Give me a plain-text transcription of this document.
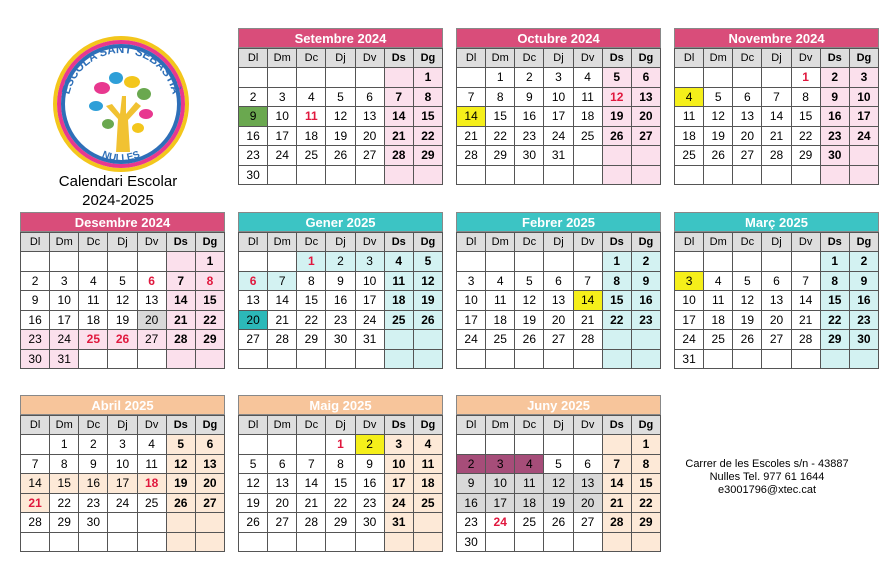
ESCOLA SANT SEBASTIÀ
NULLES
Calendari Escolar
2024-2025
Setembre 2024
Dl	Dm	Dc	Dj	Dv	Ds	Dg
						1
2	3	4	5	6	7	8
9	10	11	12	13	14	15
16	17	18	19	20	21	22
23	24	25	26	27	28	29
30						
Octubre 2024
Dl	Dm	Dc	Dj	Dv	Ds	Dg
	1	2	3	4	5	6
7	8	9	10	11	12	13
14	15	16	17	18	19	20
21	22	23	24	25	26	27
28	29	30	31			

Novembre 2024
Dl	Dm	Dc	Dj	Dv	Ds	Dg
				1	2	3
4	5	6	7	8	9	10
11	12	13	14	15	16	17
18	19	20	21	22	23	24
25	26	27	28	29	30	

Desembre 2024
Dl	Dm	Dc	Dj	Dv	Ds	Dg
						1
2	3	4	5	6	7	8
9	10	11	12	13	14	15
16	17	18	19	20	21	22
23	24	25	26	27	28	29
30	31					
Gener 2025
Dl	Dm	Dc	Dj	Dv	Ds	Dg
		1	2	3	4	5
6	7	8	9	10	11	12
13	14	15	16	17	18	19
20	21	22	23	24	25	26
27	28	29	30	31		

Febrer 2025
Dl	Dm	Dc	Dj	Dv	Ds	Dg
					1	2
3	4	5	6	7	8	9
10	11	12	13	14	15	16
17	18	19	20	21	22	23
24	25	26	27	28		

Març 2025
Dl	Dm	Dc	Dj	Dv	Ds	Dg
					1	2
3	4	5	6	7	8	9
10	11	12	13	14	15	16
17	18	19	20	21	22	23
24	25	26	27	28	29	30
31						
Abril 2025
Dl	Dm	Dc	Dj	Dv	Ds	Dg
	1	2	3	4	5	6
7	8	9	10	11	12	13
14	15	16	17	18	19	20
21	22	23	24	25	26	27
28	29	30				

Maig 2025
Dl	Dm	Dc	Dj	Dv	Ds	Dg
			1	2	3	4
5	6	7	8	9	10	11
12	13	14	15	16	17	18
19	20	21	22	23	24	25
26	27	28	29	30	31	

Juny 2025
Dl	Dm	Dc	Dj	Dv	Ds	Dg
						1
2	3	4	5	6	7	8
9	10	11	12	13	14	15
16	17	18	19	20	21	22
23	24	25	26	27	28	29
30						
Carrer de les Escoles s/n - 43887
Nulles Tel. 977 61 1644
e3001796@xtec.cat
